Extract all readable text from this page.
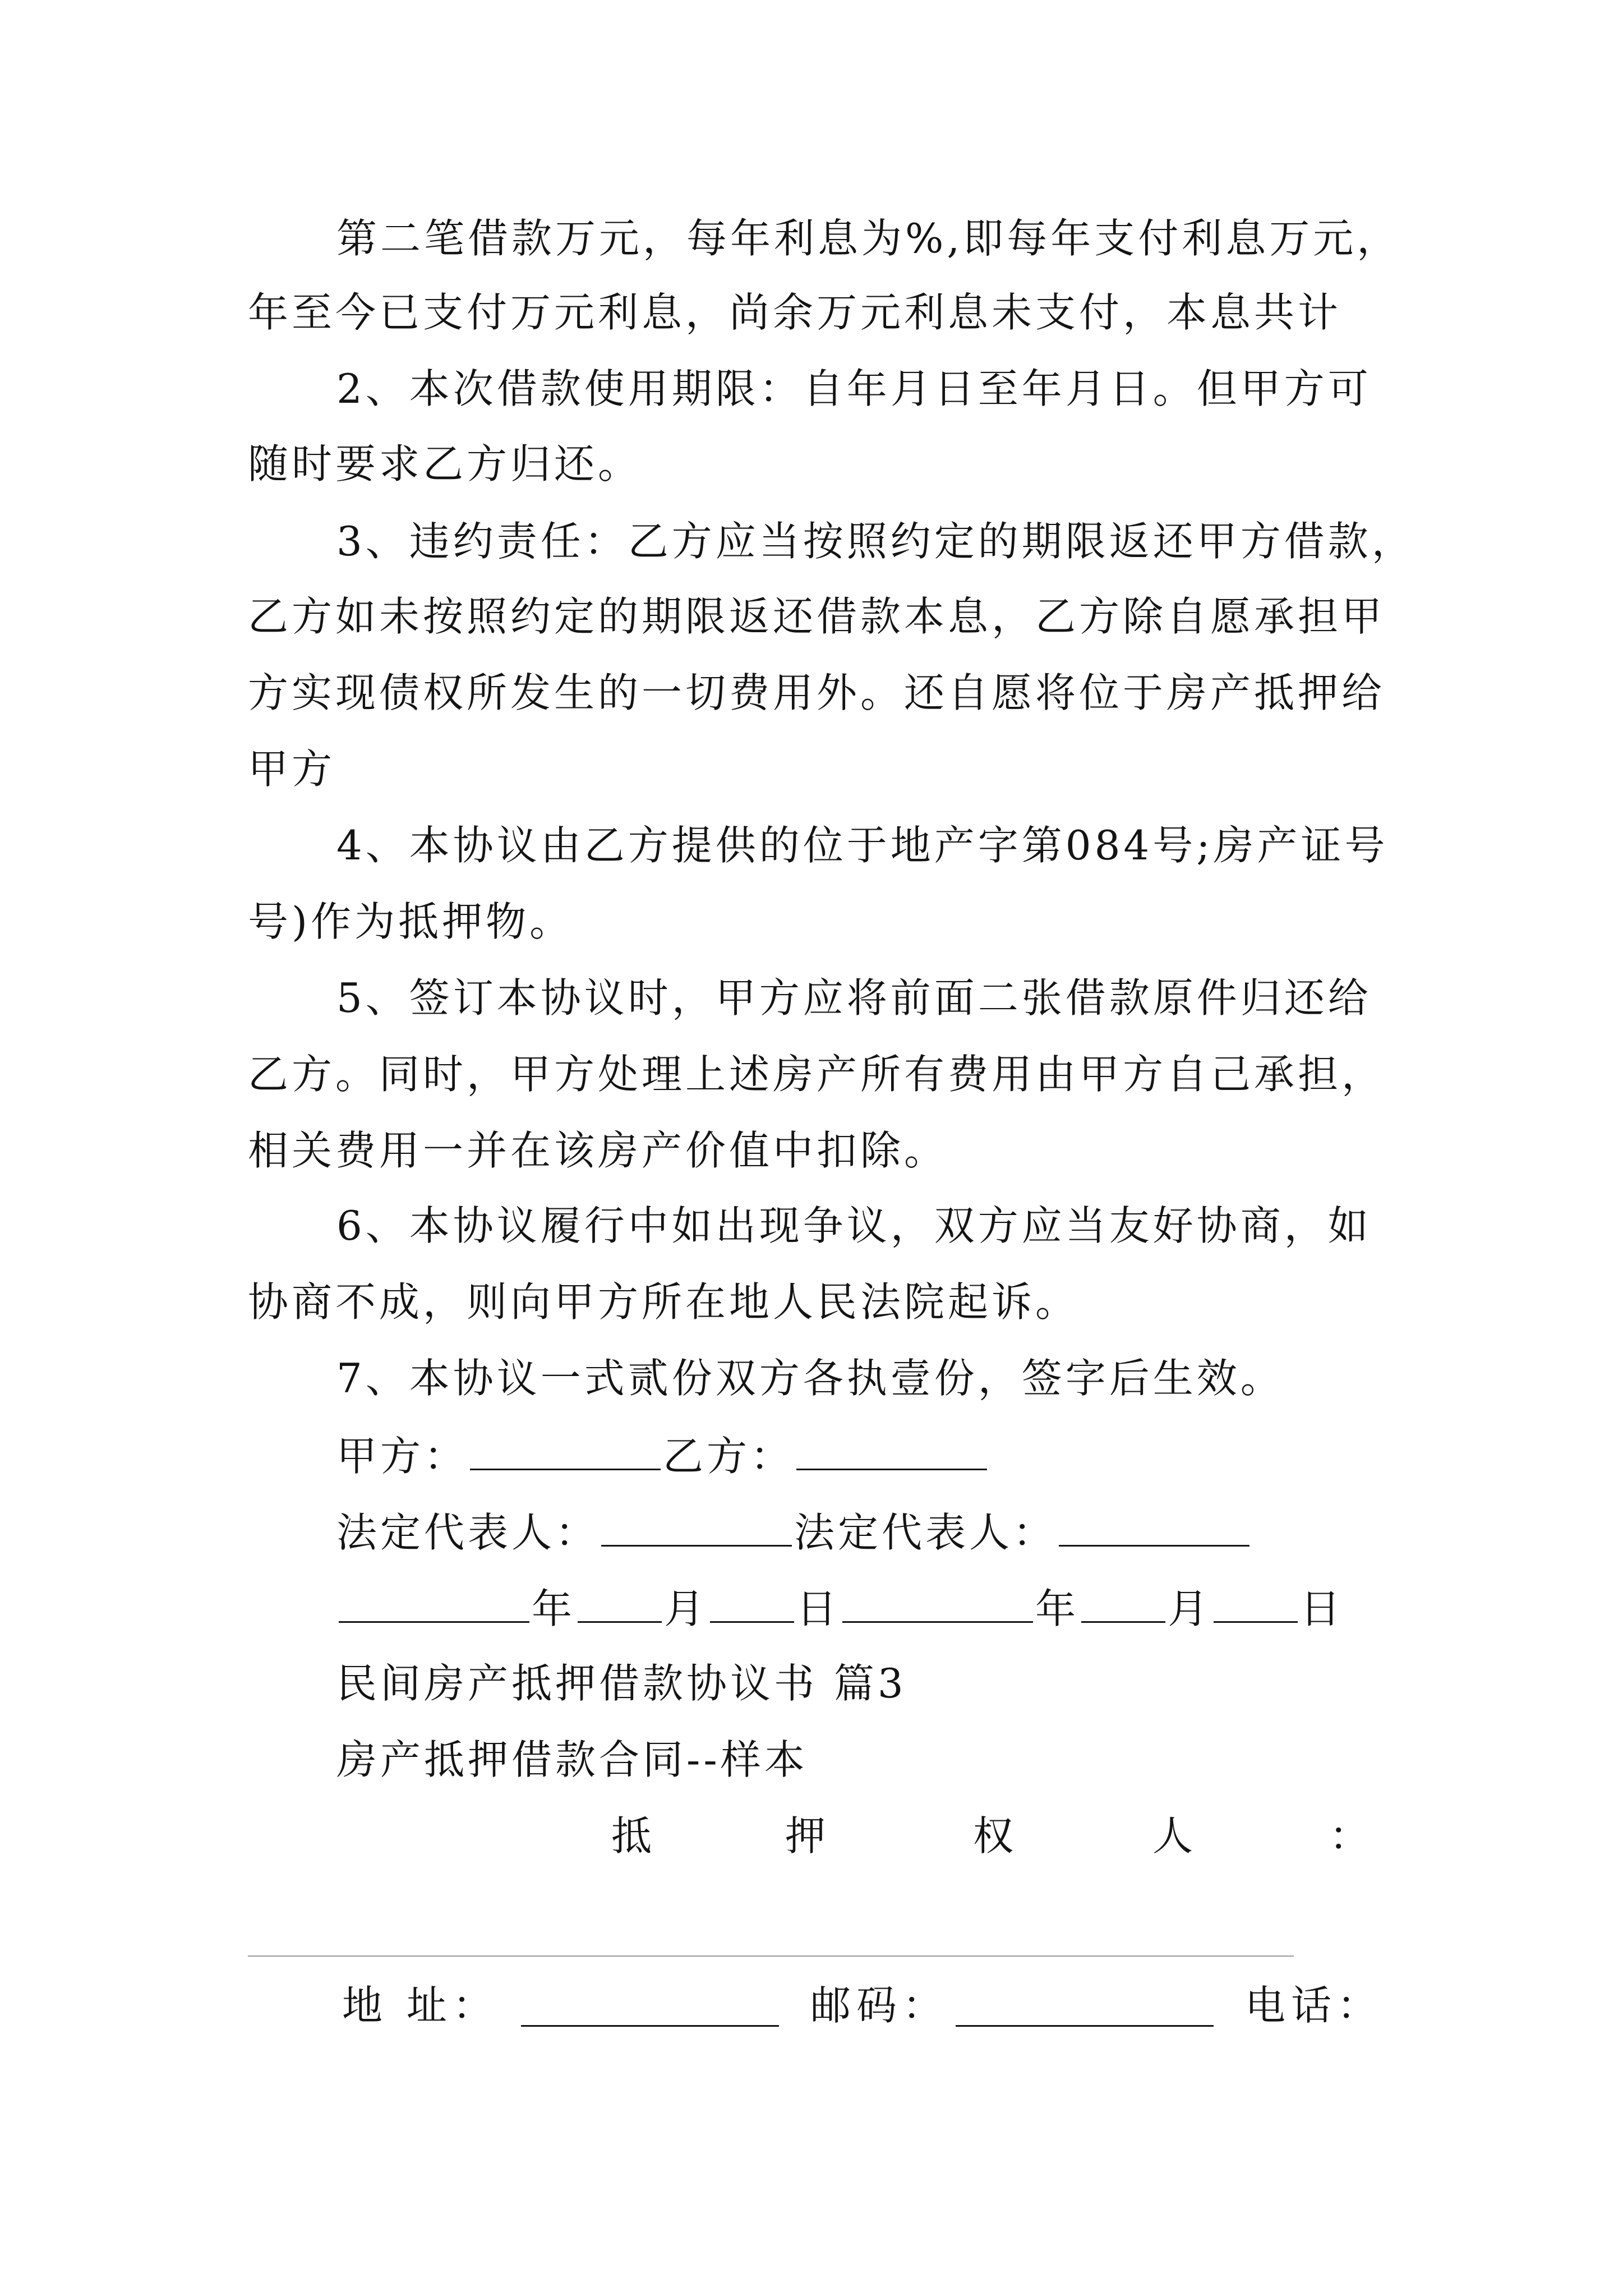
第二笔借款万元，每年利息为%,即每年支付利息万元，

年至今已支付万元利息，尚余万元利息未支付，本息共计

2、本次借款使用期限：自年月日至年月日。但甲方可

随时要求乙方归还。

3、违约责任：乙方应当按照约定的期限返还甲方借款，

乙方如未按照约定的期限返还借款本息，乙方除自愿承担甲

方实现债权所发生的一切费用外。还自愿将位于房产抵押给

甲方

4、本协议由乙方提供的位于地产字第084号;房产证号

号)作为抵押物。

5、签订本协议时，甲方应将前面二张借款原件归还给

乙方。同时，甲方处理上述房产所有费用由甲方自己承担，

相关费用一并在该房产价值中扣除。

6、本协议履行中如出现争议，双方应当友好协商，如

协商不成，则向甲方所在地人民法院起诉。

7、本协议一式贰份双方各执壹份，签字后生效。

甲方：	乙方：
法定代表人：	法定代表人：
年 月 日	年 月 日

民间房产抵押借款协议书 篇3

房产抵押借款合同--样本

抵	押	权	人	：
地 址：	邮码：	电话：
